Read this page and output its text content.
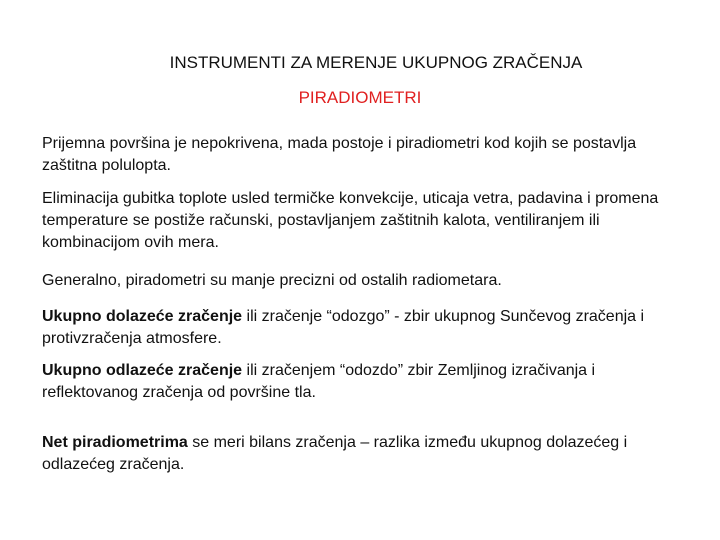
INSTRUMENTI ZA MERENJE UKUPNOG ZRAČENJA
PIRADIOMETRI

Prijemna površina je nepokrivena, mada postoje i piradiometri kod kojih se postavlja zaštitna polulopta.

Eliminacija gubitka toplote usled termičke konvekcije, uticaja vetra, padavina i promena temperature se postiže računski, postavljanjem zaštitnih kalota, ventiliranjem ili kombinacijom ovih mera.

Generalno, piradometri su manje precizni od ostalih radiometara.

Ukupno dolazeće zračenje ili zračenje “odozgo” - zbir ukupnog Sunčevog zračenja i protivzračenja atmosfere.

Ukupno odlazeće zračenje ili zračenjem “odozdo” zbir Zemljinog izračivanja i reflektovanog zračenja od površine tla.

Net piradiometrima se meri bilans zračenja – razlika između ukupnog dolazećeg i odlazećeg zračenja.
